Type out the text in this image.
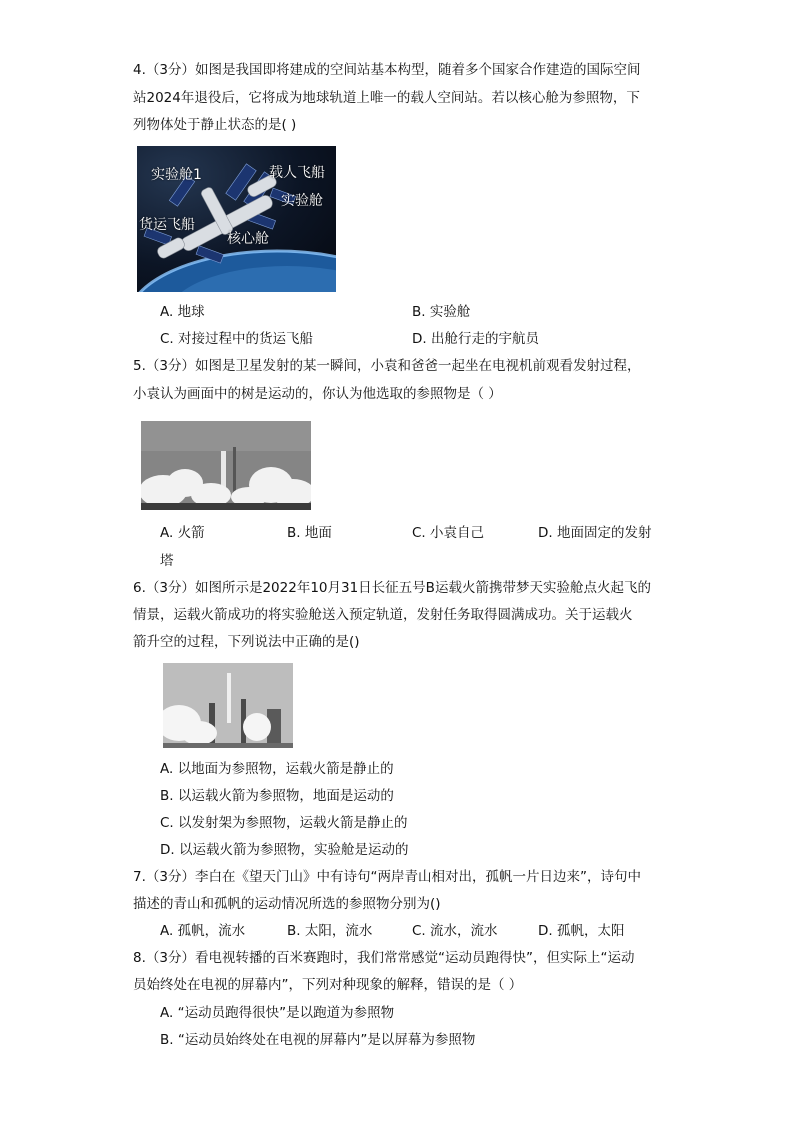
4.（3分）如图是我国即将建成的空间站基本构型，随着多个国家合作建造的国际空间
站2024年退役后，它将成为地球轨道上唯一的载人空间站。若以核心舱为参照物，下
列物体处于静止状态的是( )
实验舱1	载人飞船
实验舱
货运飞船
核心舱
A. 地球	B. 实验舱
C. 对接过程中的货运飞船	D. 出舱行走的宇航员
5.（3分）如图是卫星发射的某一瞬间，小袁和爸爸一起坐在电视机前观看发射过程，
小袁认为画面中的树是运动的，你认为他选取的参照物是（ ）
A. 火箭	B. 地面	C. 小袁自己	D. 地面固定的发射
塔
6.（3分）如图所示是2022年10月31日长征五号B运载火箭携带梦天实验舱点火起飞的
情景，运载火箭成功的将实验舱送入预定轨道，发射任务取得圆满成功。关于运载火
箭升空的过程，下列说法中正确的是()
A. 以地面为参照物，运载火箭是静止的
B. 以运载火箭为参照物，地面是运动的
C. 以发射架为参照物，运载火箭是静止的
D. 以运载火箭为参照物，实验舱是运动的
7.（3分）李白在《望天门山》中有诗句“两岸青山相对出，孤帆一片日边来”，诗句中
描述的青山和孤帆的运动情况所选的参照物分别为()
A. 孤帆，流水	B. 太阳，流水	C. 流水，流水	D. 孤帆，太阳
8.（3分）看电视转播的百米赛跑时，我们常常感觉“运动员跑得快”，但实际上“运动
员始终处在电视的屏幕内”，下列对种现象的解释，错误的是（ ）
A. “运动员跑得很快”是以跑道为参照物
B. “运动员始终处在电视的屏幕内”是以屏幕为参照物
